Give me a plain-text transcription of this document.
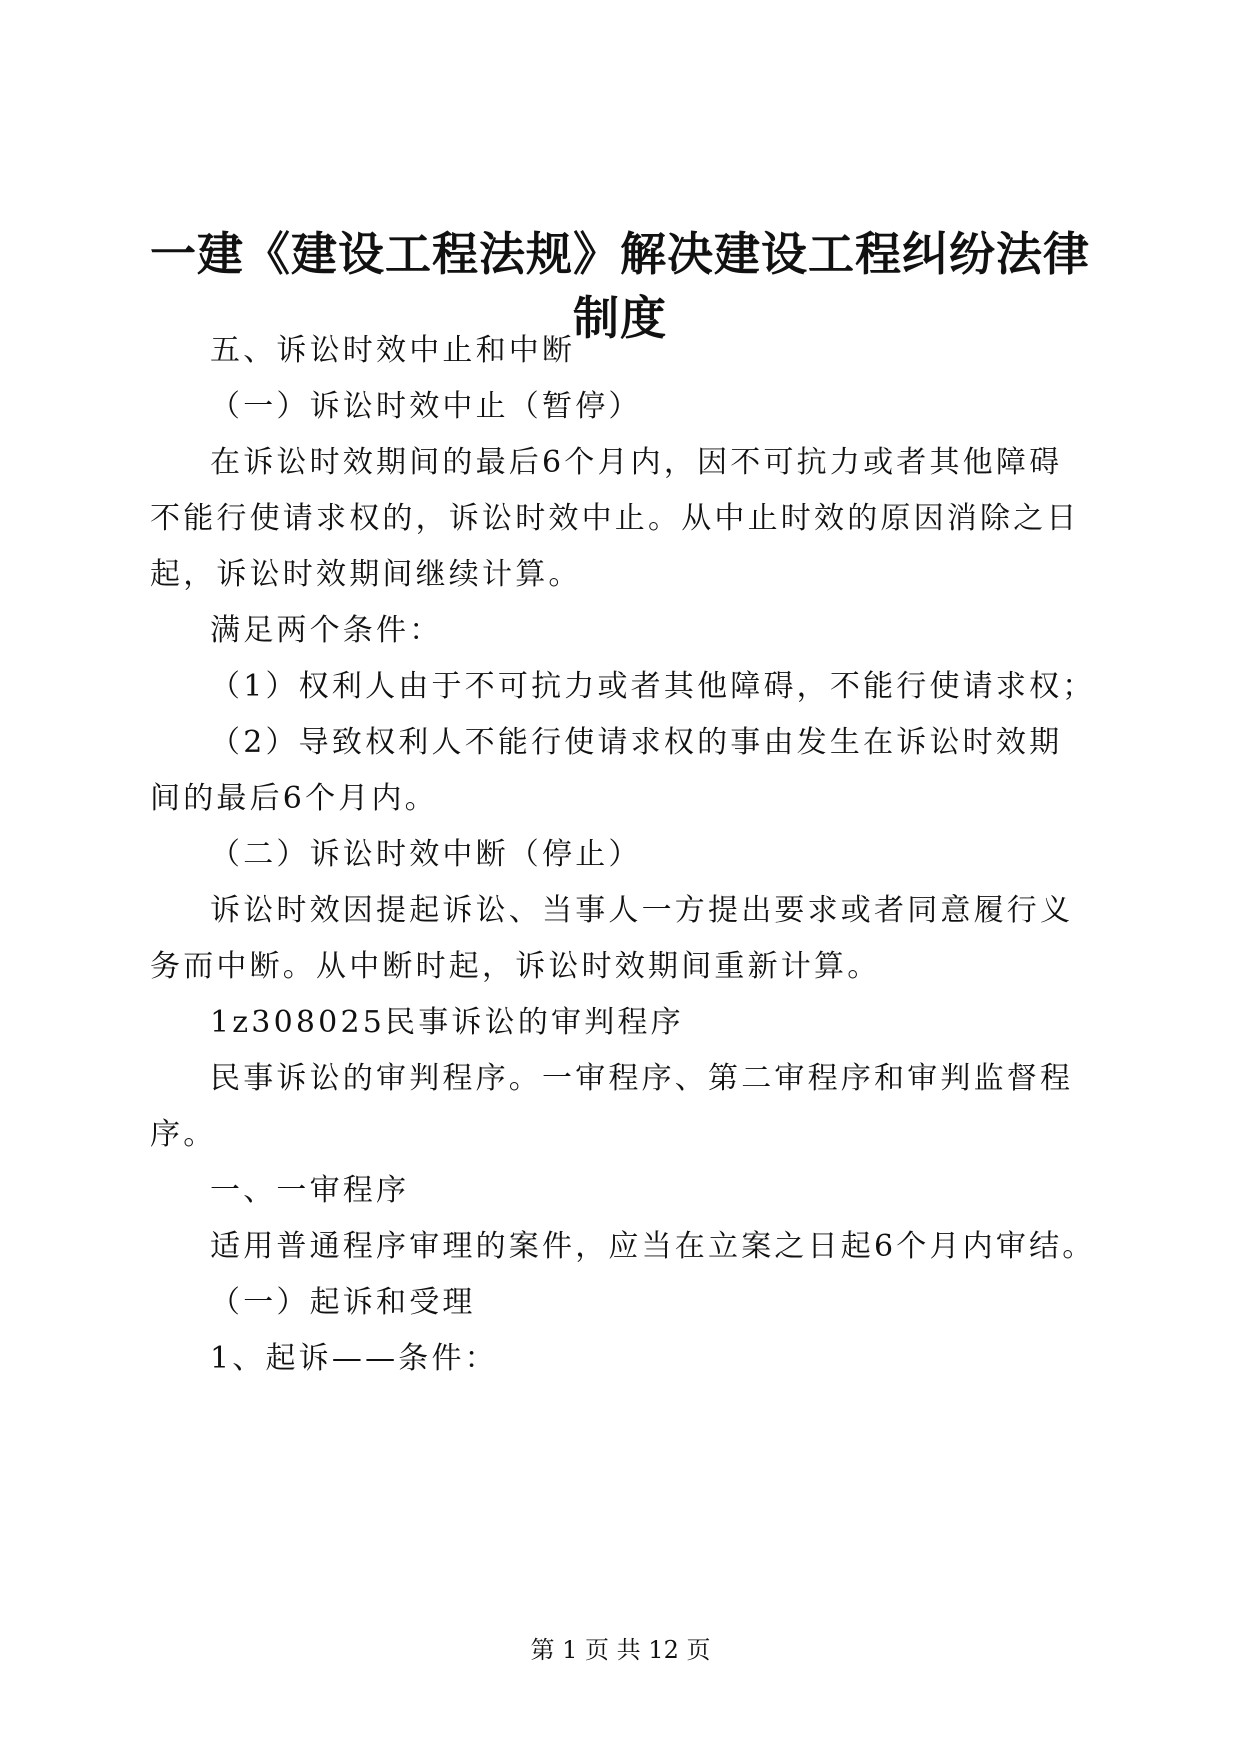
一建《建设工程法规》解决建设工程纠纷法律
制度
五、诉讼时效中止和中断
（一）诉讼时效中止（暂停）
在诉讼时效期间的最后6个月内，因不可抗力或者其他障碍
不能行使请求权的，诉讼时效中止。从中止时效的原因消除之日
起，诉讼时效期间继续计算。
满足两个条件：
（1）权利人由于不可抗力或者其他障碍，不能行使请求权；
（2）导致权利人不能行使请求权的事由发生在诉讼时效期
间的最后6个月内。
（二）诉讼时效中断（停止）
诉讼时效因提起诉讼、当事人一方提出要求或者同意履行义
务而中断。从中断时起，诉讼时效期间重新计算。
1z308025民事诉讼的审判程序
民事诉讼的审判程序。一审程序、第二审程序和审判监督程
序。
一、一审程序
适用普通程序审理的案件，应当在立案之日起6个月内审结。
（一）起诉和受理
1、起诉——条件：
第 1 页 共 12 页
